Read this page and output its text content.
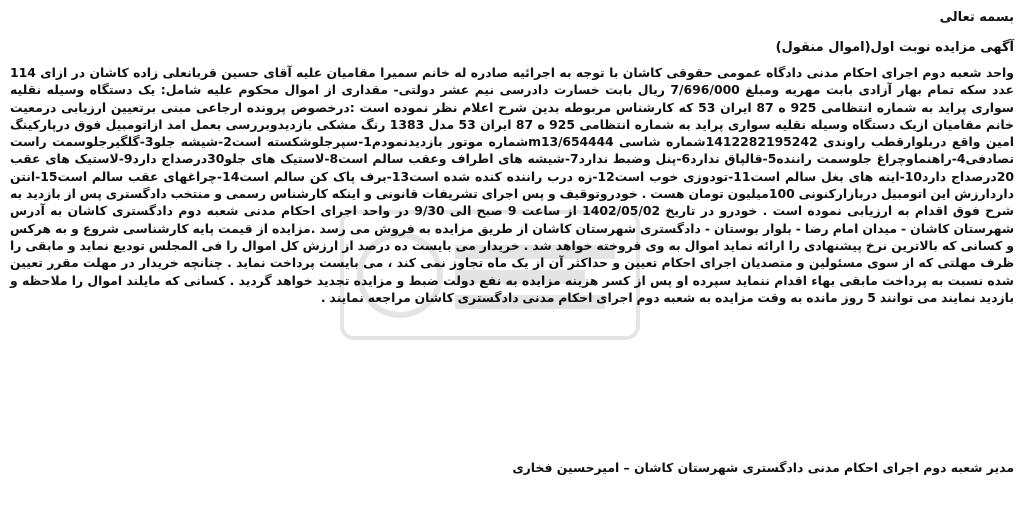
بسمه تعالی

آگهی مزایده نوبت اول(اموال منقول)

واحد شعبه دوم اجرای احکام مدنی دادگاه عمومی حقوقی کاشان با توجه به اجرائیه صادره له خانم سمیرا مقامیان علیه آقای حسین قربانعلی زاده کاشان در ازای 114 عدد سکه تمام بهار آزادی بابت مهریه ومبلغ 7/696/000 ریال بابت خسارت دادرسی نیم عشر دولتی- مقداری از اموال محکوم علیه شامل: یک دستگاه وسیله نقلیه سواری پراید به شماره انتظامی 925 ه 87 ایران 53 که کارشناس مربوطه بدین شرح اعلام نظر نموده است :درخصوص پرونده ارجاعی مبنی برتعیین ارزیابی درمعیت خانم مقامیان ازیک دستگاه وسیله نقلیه سواری پراید به شماره انتظامی 925 ه 87 ایران 53 مدل 1383 رنگ مشکی بازدیدوبررسی بعمل امد ازاتومبیل فوق درپارکینگ امین واقع دربلوارقطب راوندی 1412282195242شماره شاسی m13/654444شماره موتور بازدیدنمودم1-سپرجلوشکسته است2-شیشه جلو3-گلگیرجلوسمت راست تصادفی4-راهنماوچراغ جلوسمت راننده5-قالپاق ندارد6-پنل وضبط ندارد7-شیشه های اطراف وعقب سالم است8-لاستیک های جلو30درصداج دارد9-لاستیک های عقب 20درصداج دارد10-اینه های بغل سالم است11-تودوزی خوب است12-زه درب راننده کنده شده است13-برف پاک کن سالم است14-چراغهای عقب سالم است15-انتن داردارزش این اتومبیل دربازارکنونی 100میلیون تومان هست . خودروتوقیف و پس اجرای تشریفات قانونی و اینکه کارشناس رسمی و منتخب دادگستری پس از بازدید به شرح فوق اقدام به ارزیابی نموده است . خودرو در تاریخ 1402/05/02 از ساعت 9 صبح الی 9/30 در واحد اجرای احکام مدنی شعبه دوم دادگستری کاشان به آدرس شهرستان کاشان - میدان امام رضا - بلوار بوستان - دادگستری شهرستان کاشان از طریق مزایده به فروش می رسد .مزایده از قیمت پایه کارشناسی شروع و به هرکس و کسانی که بالاترین نرخ پیشنهادی را ارائه نماید اموال به وی فروخته خواهد شد . خریدار می بایست ده درصد از ارزش کل اموال را فی المجلس تودیع نماید و مابقی را ظرف مهلتی که از سوی مسئولین و متصدیان اجرای احکام تعیین و حداکثر آن از یک ماه تجاوز نمی کند ، می بایست پرداخت نماید . چنانچه خریدار در مهلت مقرر تعیین شده نسبت به پرداخت مابقی بهاء اقدام ننماید سپرده او پس از کسر هزینه مزایده به نفع دولت ضبط و مزایده تجدید خواهد گردید . کسانی که مایلند اموال را ملاحظه و بازدید نمایند می توانند 5 روز مانده به وقت مزایده به شعبه دوم اجرای احکام مدنی دادگستری کاشان مراجعه نمایند .

مدیر شعبه دوم اجرای احکام مدنی دادگستری شهرستان کاشان – امیرحسین فخاری
